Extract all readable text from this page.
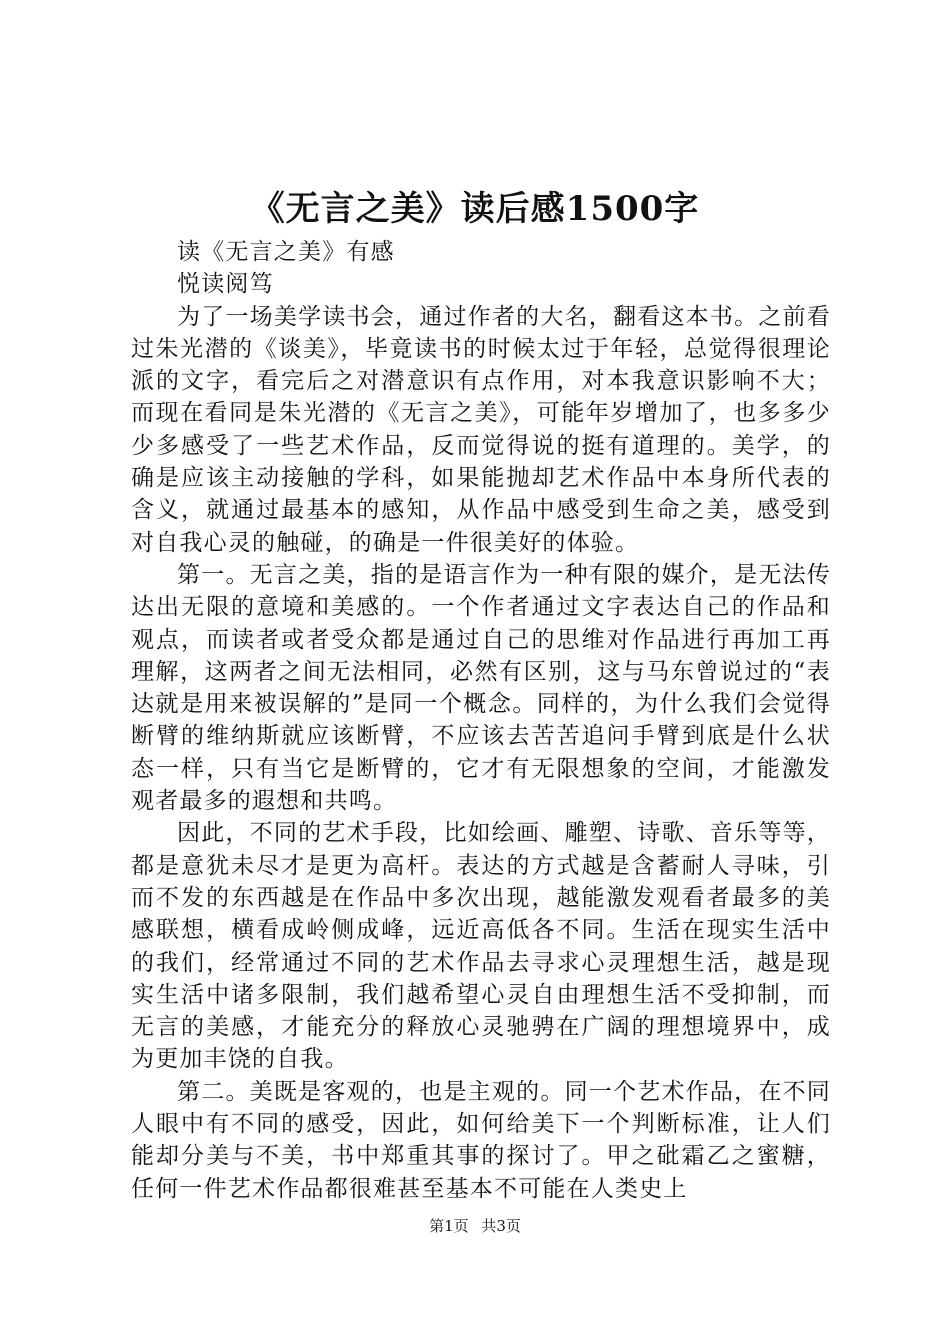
《无言之美》读后感1500字

读《无言之美》有感

悦读阅笃

为了一场美学读书会，通过作者的大名，翻看这本书。之前看过朱光潜的《谈美》，毕竟读书的时候太过于年轻，总觉得很理论派的文字，看完后之对潜意识有点作用，对本我意识影响不大；而现在看同是朱光潜的《无言之美》，可能年岁增加了，也多多少少多感受了一些艺术作品，反而觉得说的挺有道理的。美学，的确是应该主动接触的学科，如果能抛却艺术作品中本身所代表的含义，就通过最基本的感知，从作品中感受到生命之美，感受到对自我心灵的触碰，的确是一件很美好的体验。

第一。无言之美，指的是语言作为一种有限的媒介，是无法传达出无限的意境和美感的。一个作者通过文字表达自己的作品和观点，而读者或者受众都是通过自己的思维对作品进行再加工再理解，这两者之间无法相同，必然有区别，这与马东曾说过的“表达就是用来被误解的”是同一个概念。同样的，为什么我们会觉得断臂的维纳斯就应该断臂，不应该去苦苦追问手臂到底是什么状态一样，只有当它是断臂的，它才有无限想象的空间，才能激发观者最多的遐想和共鸣。

因此，不同的艺术手段，比如绘画、雕塑、诗歌、音乐等等，都是意犹未尽才是更为高杆。表达的方式越是含蓄耐人寻味，引而不发的东西越是在作品中多次出现，越能激发观看者最多的美感联想，横看成岭侧成峰，远近高低各不同。生活在现实生活中的我们，经常通过不同的艺术作品去寻求心灵理想生活，越是现实生活中诸多限制，我们越希望心灵自由理想生活不受抑制，而无言的美感，才能充分的释放心灵驰骋在广阔的理想境界中，成为更加丰饶的自我。

第二。美既是客观的，也是主观的。同一个艺术作品，在不同人眼中有不同的感受，因此，如何给美下一个判断标准，让人们能却分美与不美，书中郑重其事的探讨了。甲之砒霜乙之蜜糖，任何一件艺术作品都很难甚至基本不可能在人类史上

第1页 共3页
